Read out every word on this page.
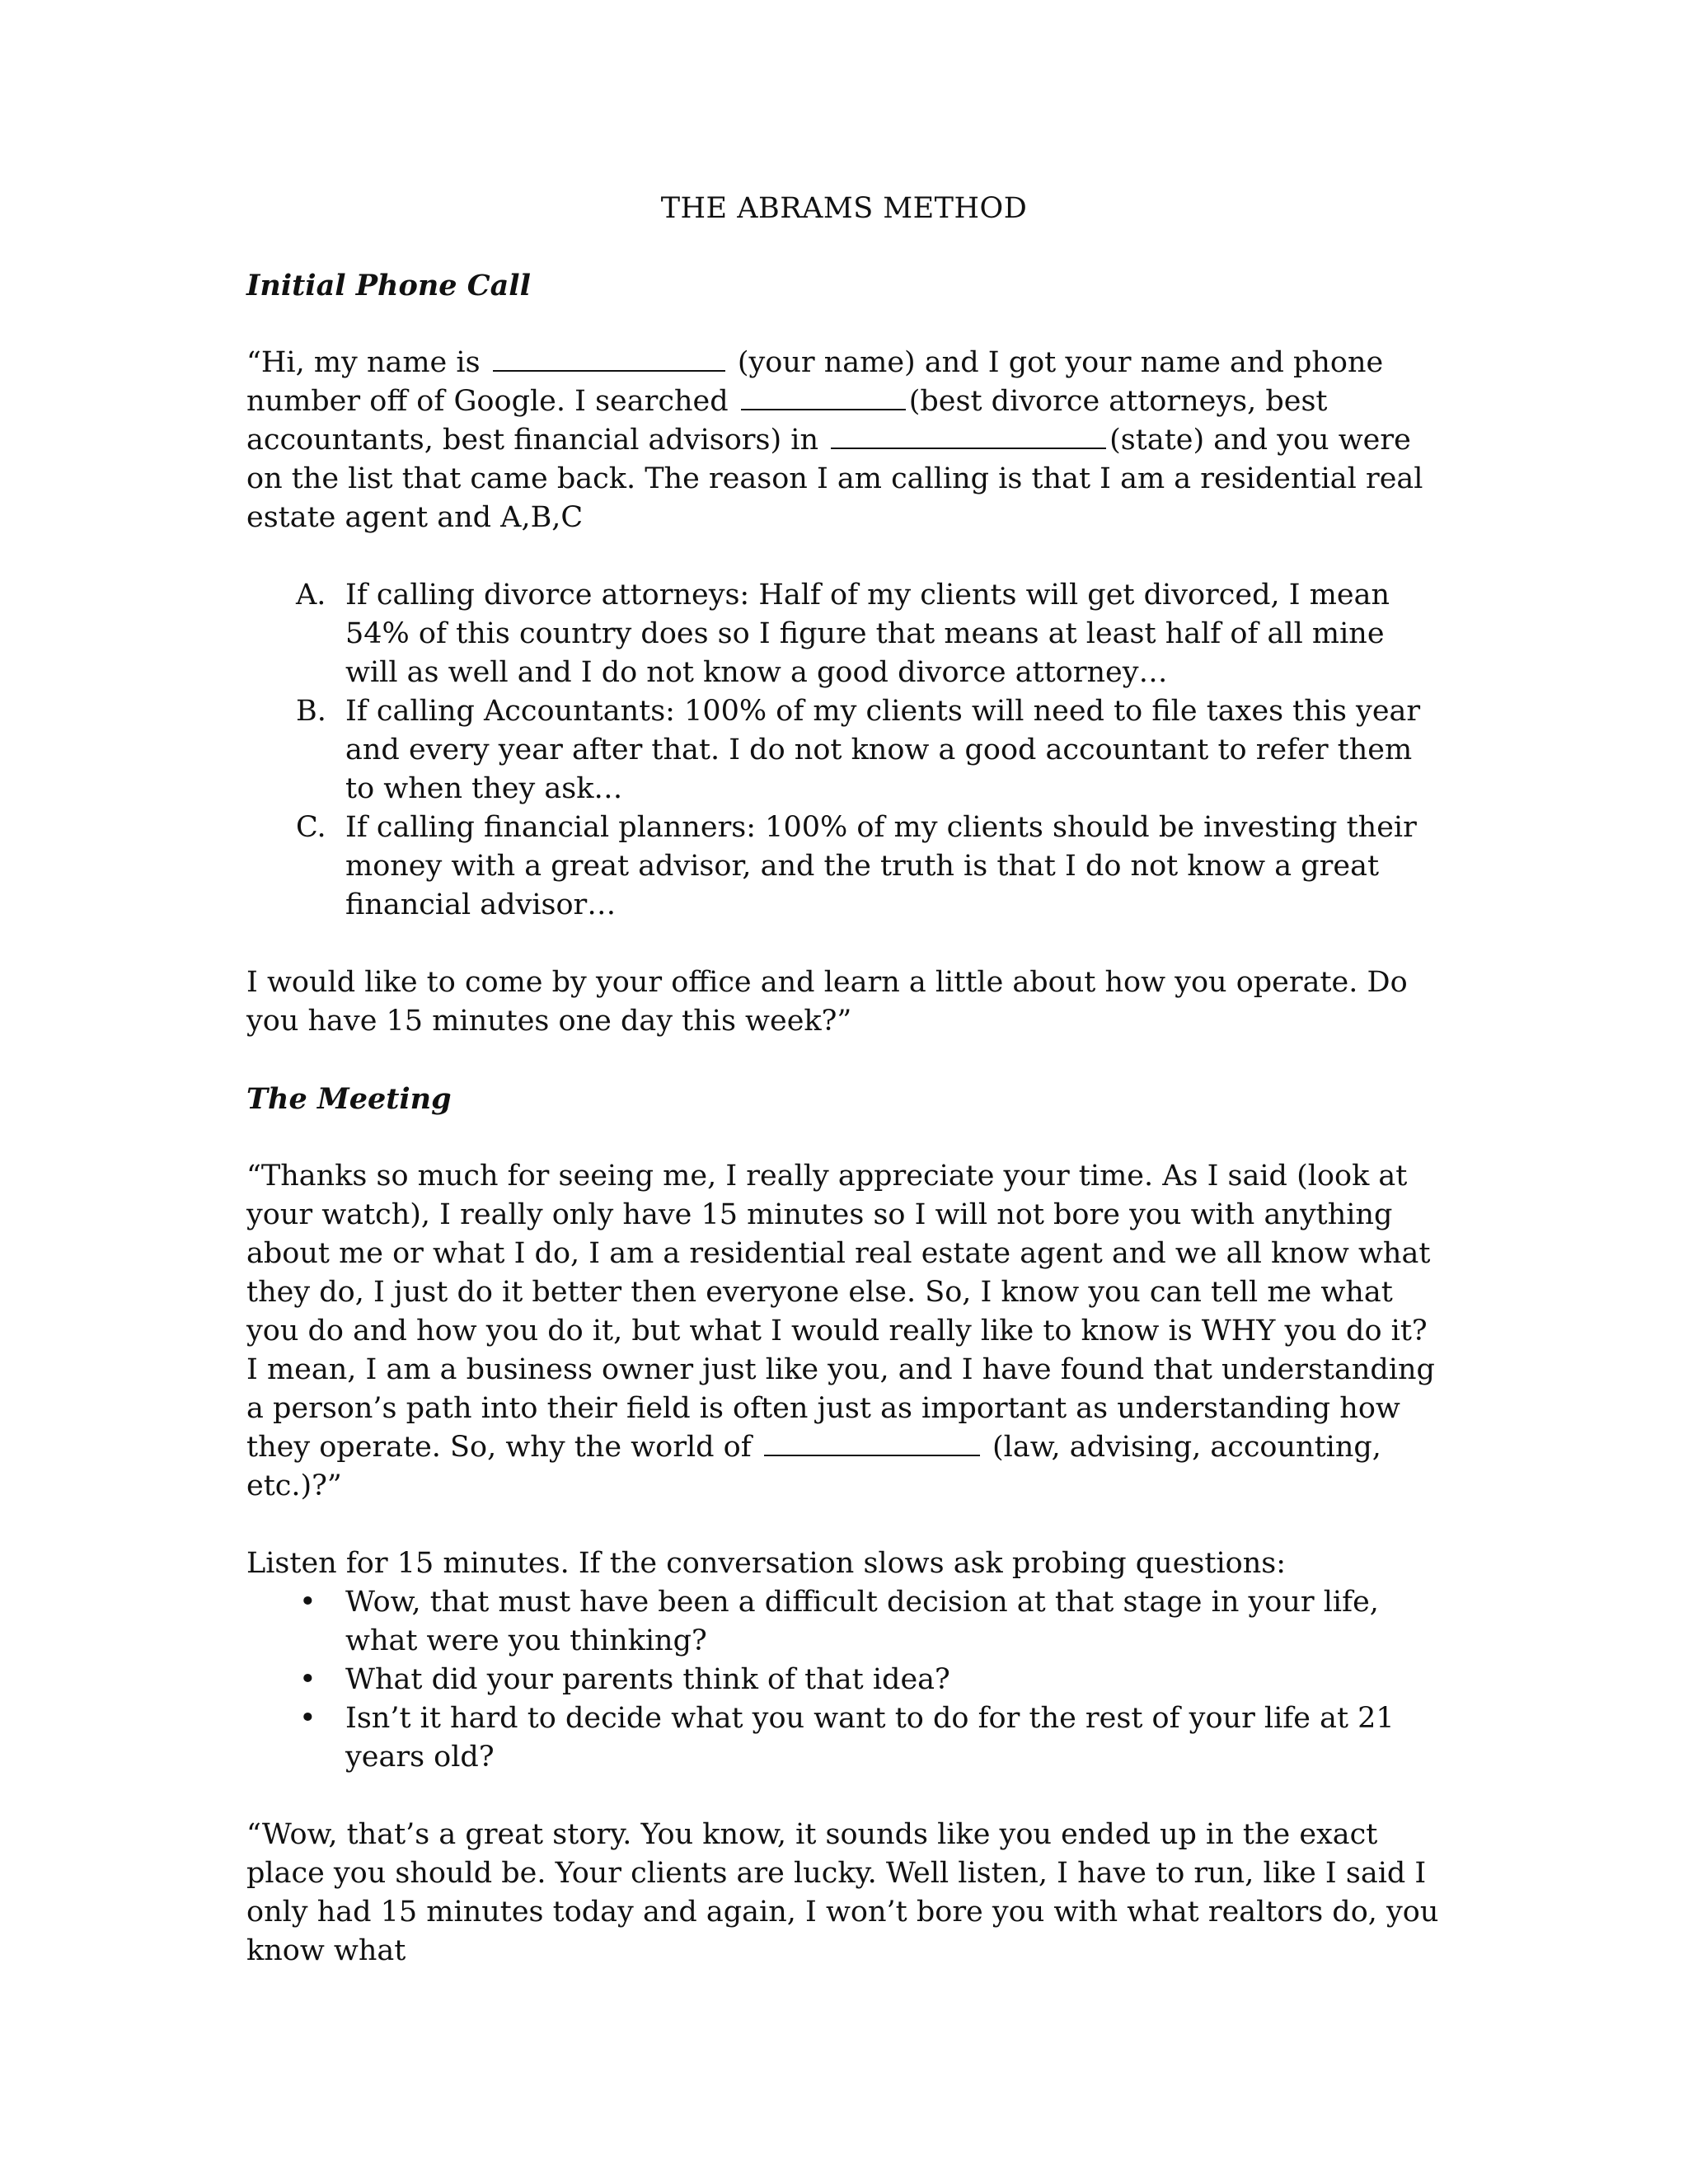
THE ABRAMS METHOD
Initial Phone Call

“Hi, my name is	(your name) and I got your name and phone number off of Google. I searched	(best divorce attorneys, best accountants, best financial advisors) in	(state) and you were on the list that came back. The reason I am calling is that I am a residential real estate agent and A,B,C

A. If calling divorce attorneys: Half of my clients will get divorced, I mean 54% of this country does so I figure that means at least half of all mine will as well and I do not know a good divorce attorney…
B. If calling Accountants: 100% of my clients will need to file taxes this year and every year after that. I do not know a good accountant to refer them to when they ask…
C. If calling financial planners: 100% of my clients should be investing their money with a great advisor, and the truth is that I do not know a great financial advisor…

I would like to come by your office and learn a little about how you operate. Do you have 15 minutes one day this week?”

The Meeting

“Thanks so much for seeing me, I really appreciate your time. As I said (look at your watch), I really only have 15 minutes so I will not bore you with anything about me or what I do, I am a residential real estate agent and we all know what they do, I just do it better then everyone else. So, I know you can tell me what you do and how you do it, but what I would really like to know is WHY you do it? I mean, I am a business owner just like you, and I have found that understanding a person’s path into their field is often just as important as understanding how they operate. So, why the world of	(law, advising, accounting, etc.)?”

Listen for 15 minutes. If the conversation slows ask probing questions:

• Wow, that must have been a difficult decision at that stage in your life, what were you thinking?
• What did your parents think of that idea?
• Isn’t it hard to decide what you want to do for the rest of your life at 21 years old?

“Wow, that’s a great story. You know, it sounds like you ended up in the exact place you should be. Your clients are lucky. Well listen, I have to run, like I said I only had 15 minutes today and again, I won’t bore you with what realtors do, you know what
